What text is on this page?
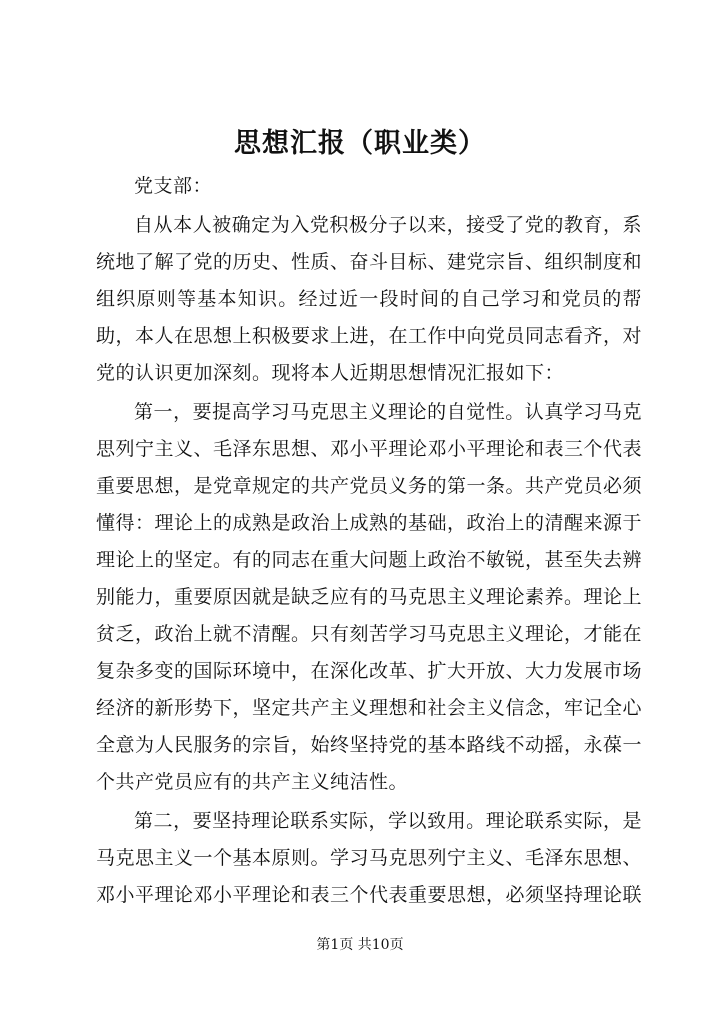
思想汇报（职业类）

党支部：

自从本人被确定为入党积极分子以来，接受了党的教育，系统地了解了党的历史、性质、奋斗目标、建党宗旨、组织制度和组织原则等基本知识。经过近一段时间的自己学习和党员的帮助，本人在思想上积极要求上进，在工作中向党员同志看齐，对党的认识更加深刻。现将本人近期思想情况汇报如下：

第一，要提高学习马克思主义理论的自觉性。认真学习马克思列宁主义、毛泽东思想、邓小平理论邓小平理论和表三个代表重要思想，是党章规定的共产党员义务的第一条。共产党员必须懂得：理论上的成熟是政治上成熟的基础，政治上的清醒来源于理论上的坚定。有的同志在重大问题上政治不敏锐，甚至失去辨别能力，重要原因就是缺乏应有的马克思主义理论素养。理论上贫乏，政治上就不清醒。只有刻苦学习马克思主义理论，才能在复杂多变的国际环境中，在深化改革、扩大开放、大力发展市场经济的新形势下，坚定共产主义理想和社会主义信念，牢记全心全意为人民服务的宗旨，始终坚持党的基本路线不动摇，永葆一个共产党员应有的共产主义纯洁性。

第二，要坚持理论联系实际，学以致用。理论联系实际，是马克思主义一个基本原则。学习马克思列宁主义、毛泽东思想、邓小平理论邓小平理论和表三个代表重要思想，必须坚持理论联

第1页 共10页
